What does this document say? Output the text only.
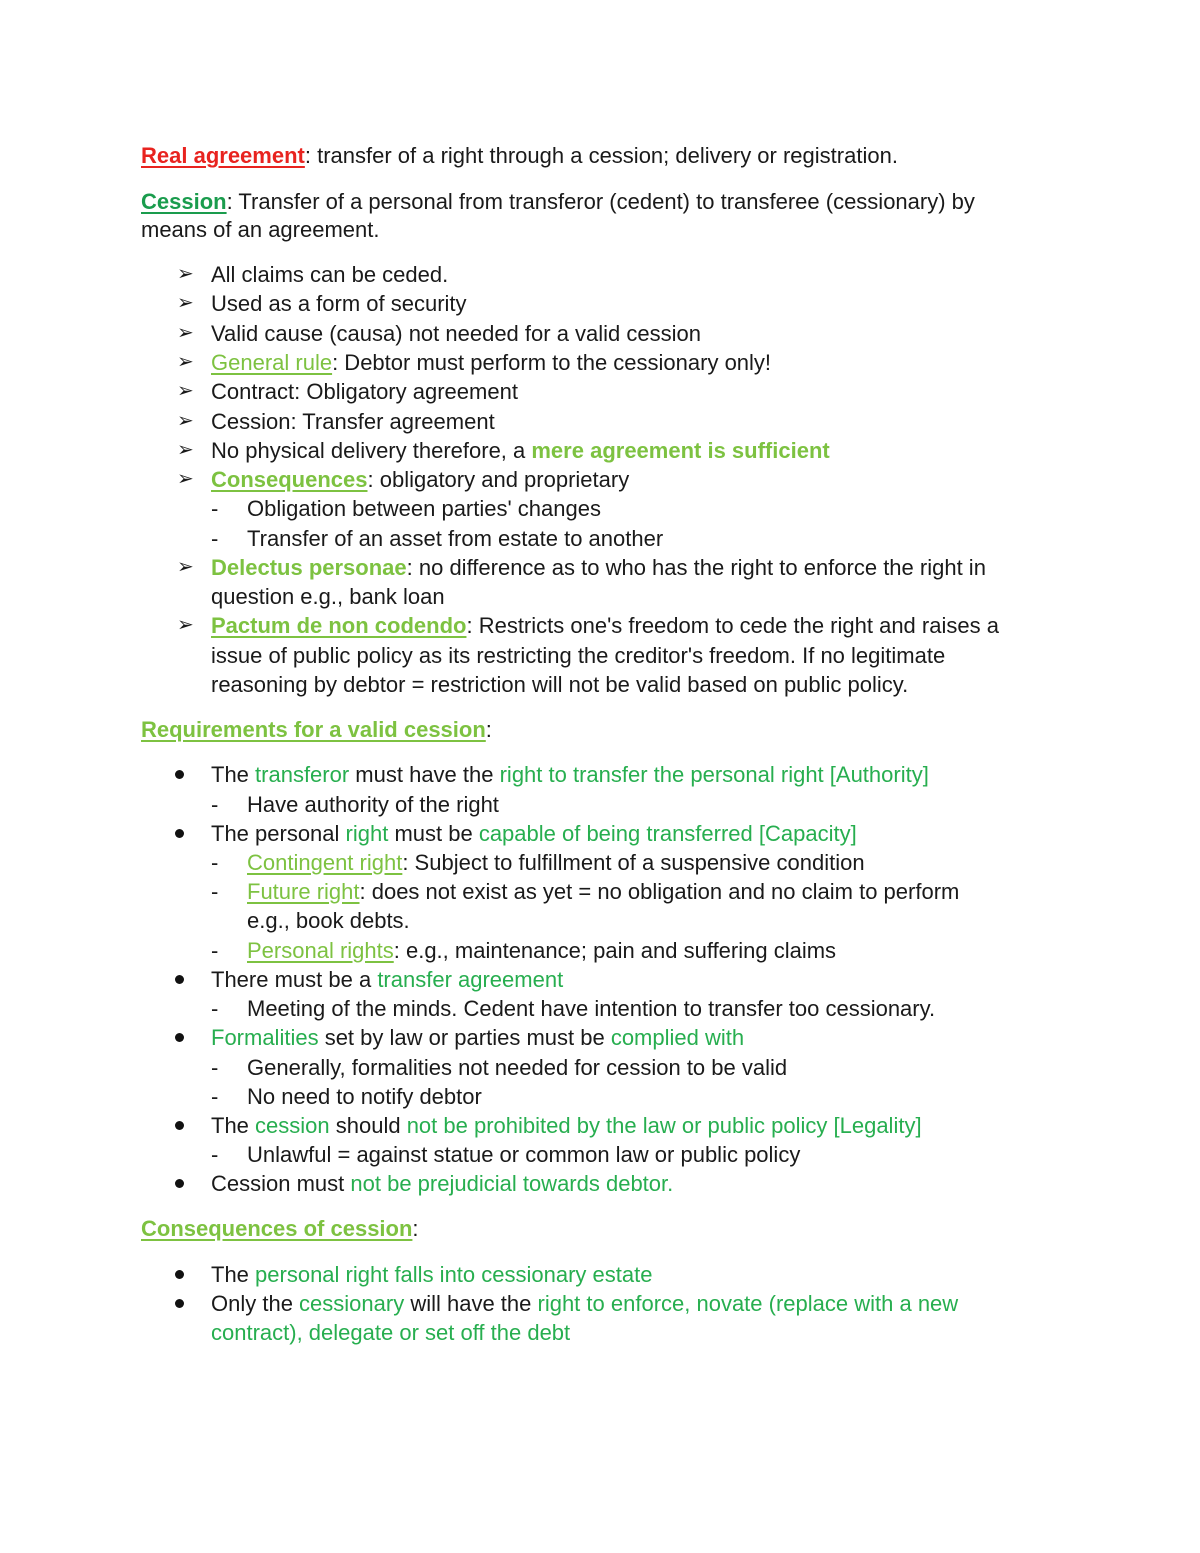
Real agreement: transfer of a right through a cession; delivery or registration.
Cession: Transfer of a personal from transferor (cedent) to transferee (cessionary) by
means of an agreement.
➢ All claims can be ceded.
➢ Used as a form of security
➢ Valid cause (causa) not needed for a valid cession
➢ General rule: Debtor must perform to the cessionary only!
➢ Contract: Obligatory agreement
➢ Cession: Transfer agreement
➢ No physical delivery therefore, a mere agreement is sufficient
➢ Consequences: obligatory and proprietary
- Obligation between parties' changes
- Transfer of an asset from estate to another
➢ Delectus personae: no difference as to who has the right to enforce the right in
question e.g., bank loan
➢ Pactum de non codendo: Restricts one's freedom to cede the right and raises a
issue of public policy as its restricting the creditor's freedom. If no legitimate
reasoning by debtor = restriction will not be valid based on public policy.
Requirements for a valid cession:
The transferor must have the right to transfer the personal right [Authority]
- Have authority of the right
The personal right must be capable of being transferred [Capacity]
- Contingent right: Subject to fulfillment of a suspensive condition
- Future right: does not exist as yet = no obligation and no claim to perform
e.g., book debts.
- Personal rights: e.g., maintenance; pain and suffering claims
There must be a transfer agreement
- Meeting of the minds. Cedent have intention to transfer too cessionary.
Formalities set by law or parties must be complied with
- Generally, formalities not needed for cession to be valid
- No need to notify debtor
The cession should not be prohibited by the law or public policy [Legality]
- Unlawful = against statue or common law or public policy
Cession must not be prejudicial towards debtor.
Consequences of cession:
The personal right falls into cessionary estate
Only the cessionary will have the right to enforce, novate (replace with a new
contract), delegate or set off the debt
